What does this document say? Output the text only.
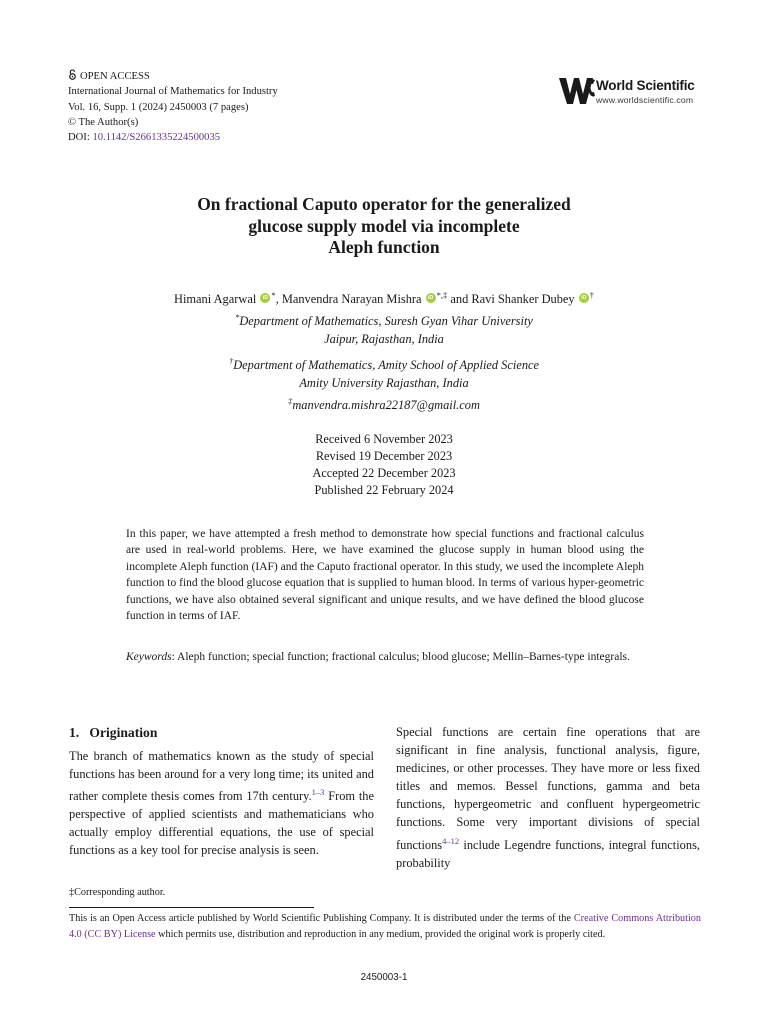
OPEN ACCESS
International Journal of Mathematics for Industry
Vol. 16, Supp. 1 (2024) 2450003 (7 pages)
© The Author(s)
DOI: 10.1142/S2661335224500035
World Scientific
www.worldscientific.com
On fractional Caputo operator for the generalized
glucose supply model via incomplete
Aleph function
Himani Agarwal iD *, Manvendra Narayan Mishra iD *,‡ and Ravi Shanker Dubey iD †
*Department of Mathematics, Suresh Gyan Vihar University
Jaipur, Rajasthan, India
†Department of Mathematics, Amity School of Applied Science
Amity University Rajasthan, India
‡manvendra.mishra22187@gmail.com
Received 6 November 2023
Revised 19 December 2023
Accepted 22 December 2023
Published 22 February 2024
In this paper, we have attempted a fresh method to demonstrate how special functions and fractional calculus are used in real-world problems. Here, we have examined the glucose supply in human blood using the incomplete Aleph function (IAF) and the Caputo fractional operator. In this study, we used the incomplete Aleph function to find the blood glucose equation that is supplied to human blood. In terms of various hyper-geometric functions, we have also obtained several significant and unique results, and we have defined the blood glucose function in terms of IAF.
Keywords: Aleph function; special function; fractional calculus; blood glucose; Mellin–Barnes-type integrals.
1. Origination
The branch of mathematics known as the study of special functions has been around for a very long time; its united and rather complete thesis comes from 17th century.$^{1-3}$ From the perspective of applied scientists and mathematicians who actually employ differential equations, the use of special functions as a key tool for precise analysis is seen.
Special functions are certain fine operations that are significant in fine analysis, functional analysis, figure, medicines, or other processes. They have more or less fixed titles and memos. Bessel functions, gamma and beta functions, hypergeometric and confluent hypergeometric functions. Some very important divisions of special functions$^{4-12}$ include Legendre functions, integral functions, probability
‡Corresponding author.
This is an Open Access article published by World Scientific Publishing Company. It is distributed under the terms of the Creative Commons Attribution 4.0 (CC BY) License which permits use, distribution and reproduction in any medium, provided the original work is properly cited.
2450003-1
